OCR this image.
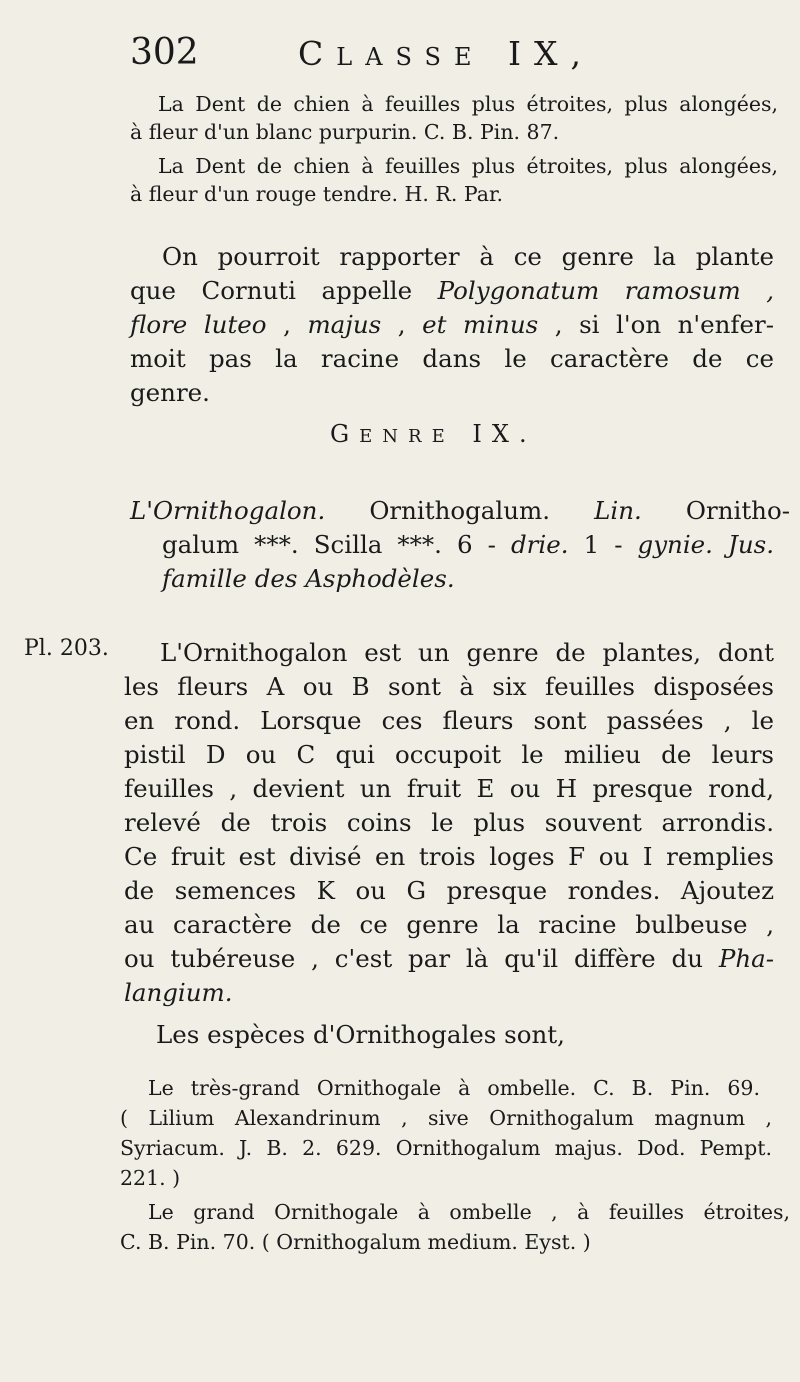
302	CLASSE IX,
La Dent de chien à feuilles plus étroites, plus alongées,
à fleur d'un blanc purpurin. C. B. Pin. 87.
La Dent de chien à feuilles plus étroites, plus alongées,
à fleur d'un rouge tendre. H. R. Par.
On pourroit rapporter à ce genre la plante
que Cornuti appelle Polygonatum ramosum ,
flore luteo , majus , et minus , si l'on n'enfer-
moit pas la racine dans le caractère de ce
genre.
GENRE IX.
L'Ornithogalon. Ornithogalum. Lin. Ornitho-
galum ***. Scilla ***. 6 - drie. 1 - gynie. Jus.
famille des Asphodèles.
Pl. 203. L'Ornithogalon est un genre de plantes, dont
les fleurs A ou B sont à six feuilles disposées
en rond. Lorsque ces fleurs sont passées , le
pistil D ou C qui occupoit le milieu de leurs
feuilles , devient un fruit E ou H presque rond,
relevé de trois coins le plus souvent arrondis.
Ce fruit est divisé en trois loges F ou I remplies
de semences K ou G presque rondes. Ajoutez
au caractère de ce genre la racine bulbeuse ,
ou tubéreuse , c'est par là qu'il diffère du Pha-
langium.
Les espèces d'Ornithogales sont,
Le très-grand Ornithogale à ombelle. C. B. Pin. 69.
( Lilium Alexandrinum , sive Ornithogalum magnum ,
Syriacum. J. B. 2. 629. Ornithogalum majus. Dod. Pempt.
221. )
Le grand Ornithogale à ombelle , à feuilles étroites,
C. B. Pin. 70. ( Ornithogalum medium. Eyst. )
